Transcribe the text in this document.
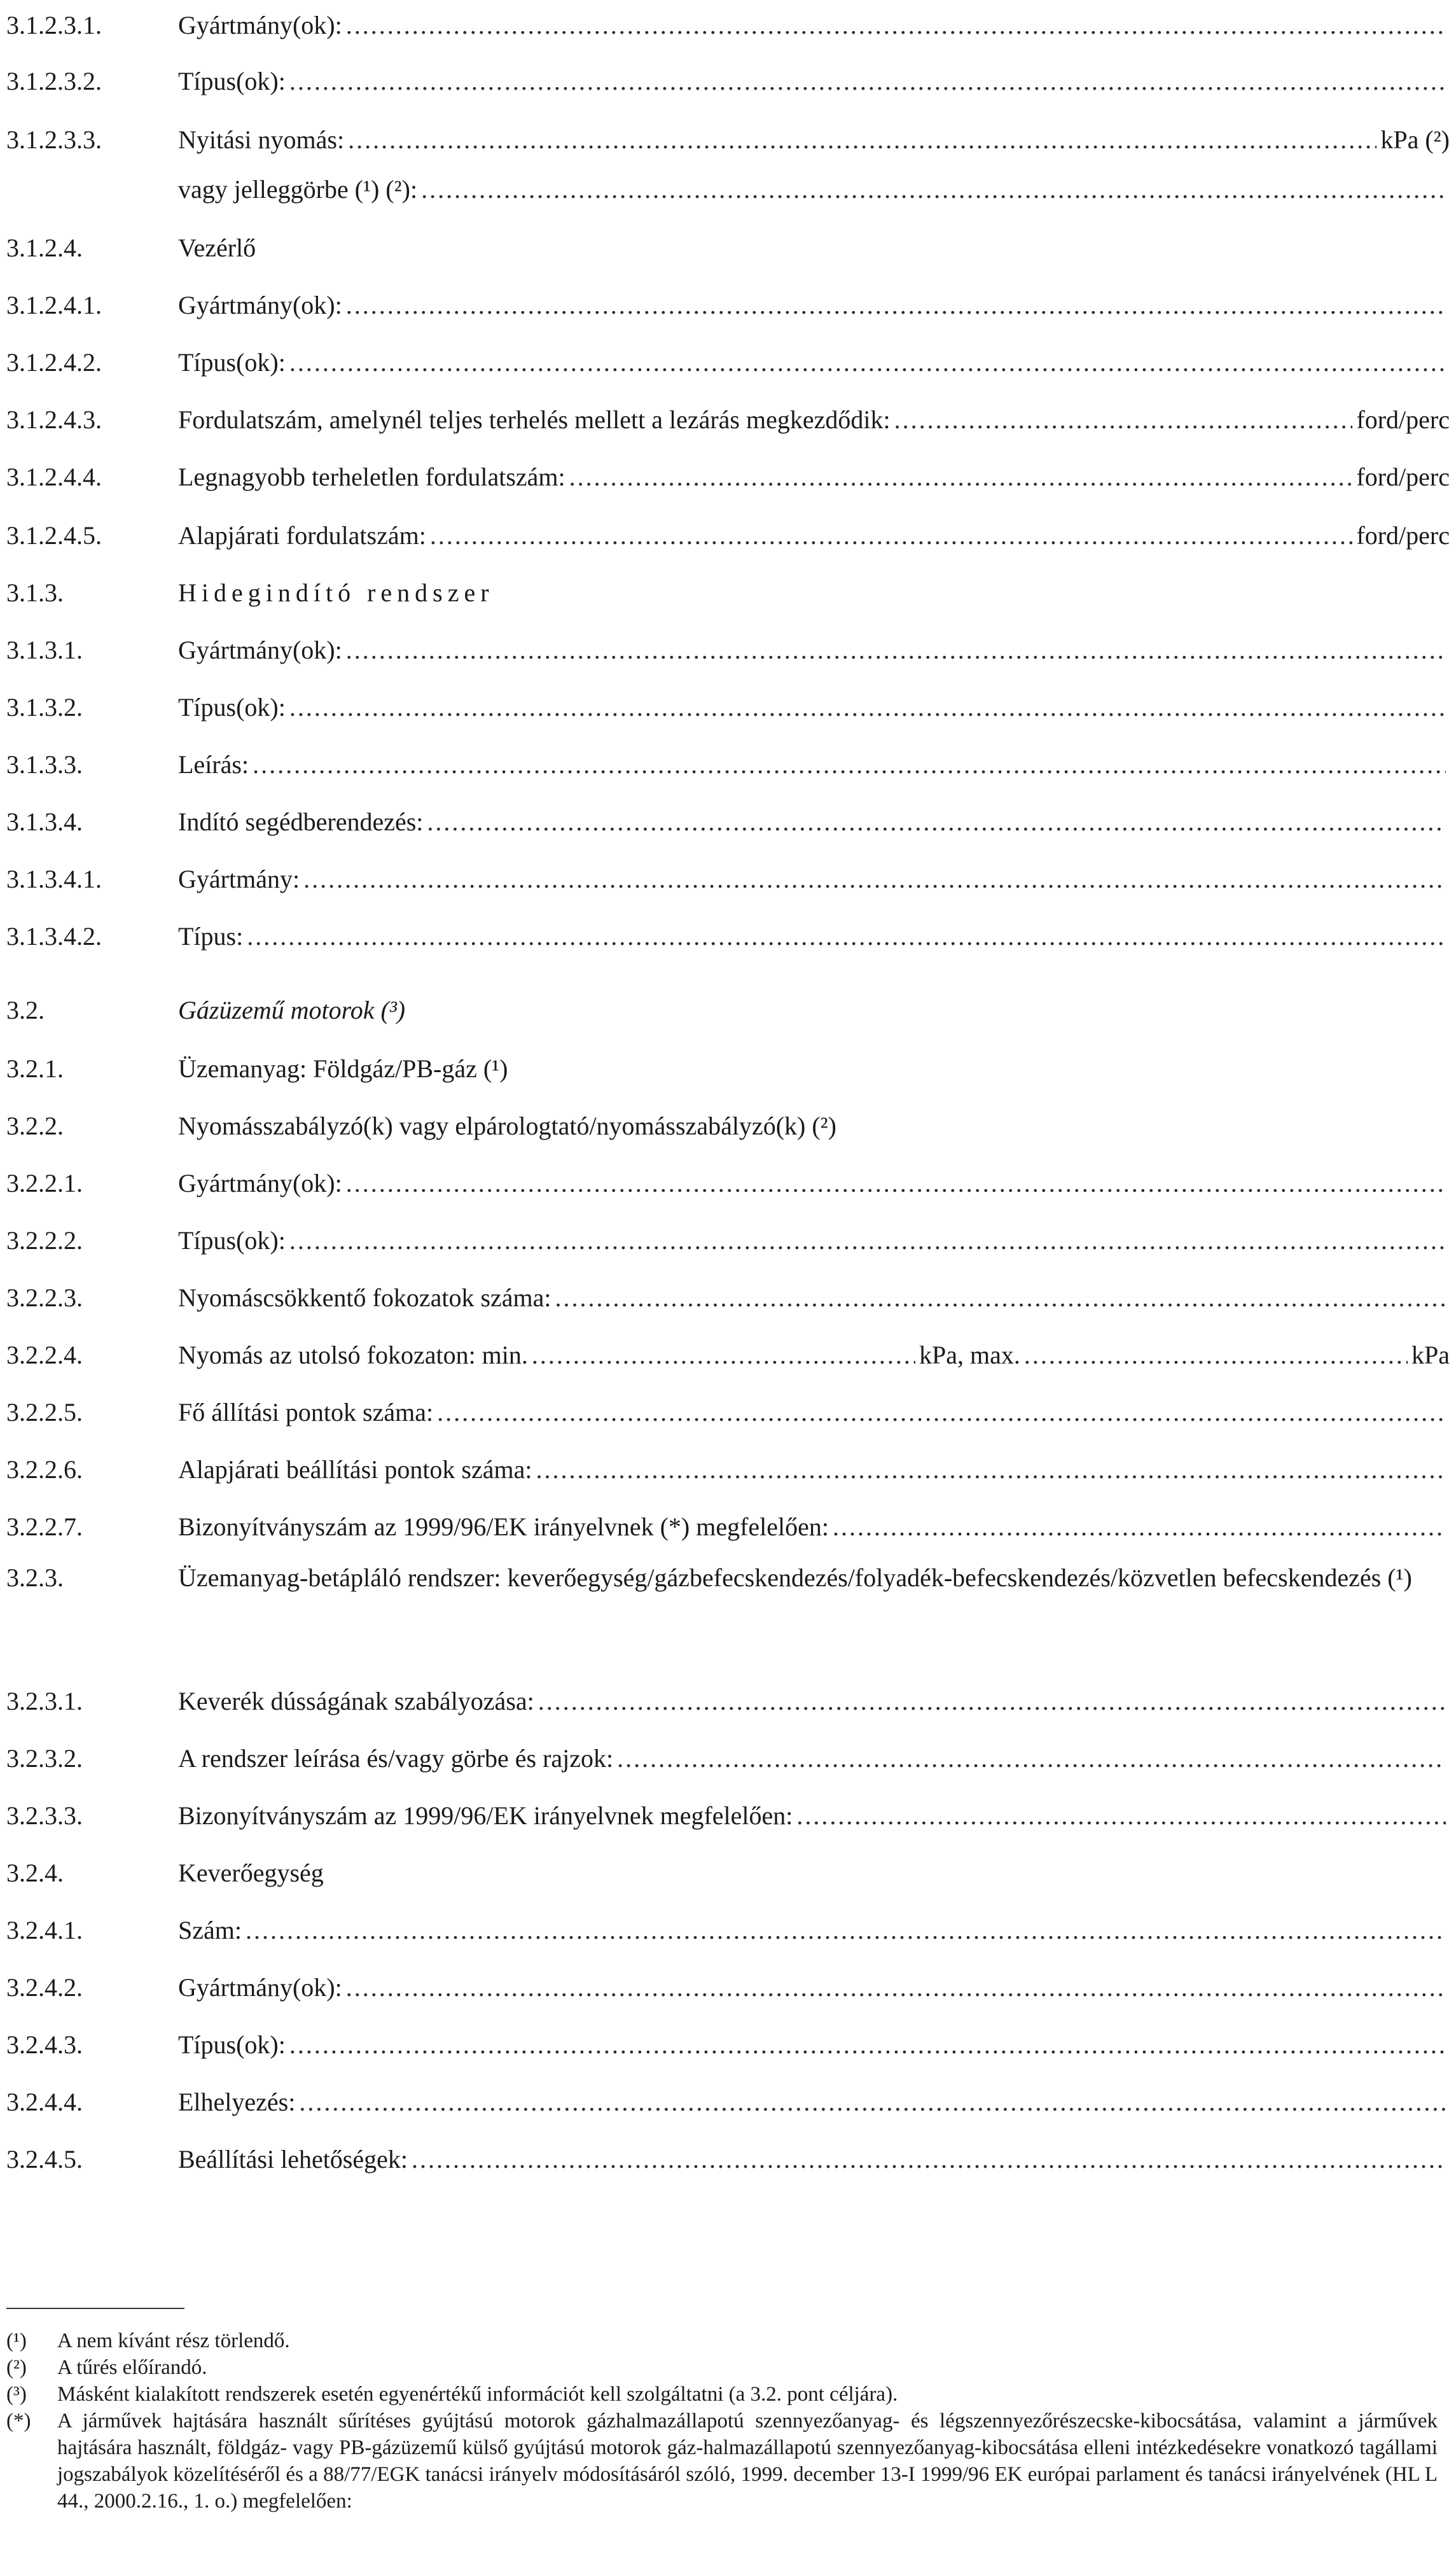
3.1.2.3.1.	Gyártmány(ok):
.....
3.1.2.3.2.	Típus(ok):
.....
3.1.2.3.3.	Nyitási nyomás: .....	kPa (²)
vagy jelleggörbe (¹) (²):
.....
3.1.2.4.	Vezérlő
3.1.2.4.1.	Gyártmány(ok):
.....
3.1.2.4.2.	Típus(ok):
.....
3.1.2.4.3.	Fordulatszám, amelynél teljes terhelés mellett a lezárás megkezdődik: .....	ford/perc
3.1.2.4.4.	Legnagyobb terheletlen fordulatszám: .....	ford/perc
3.1.2.4.5.	Alapjárati fordulatszám: .....	ford/perc
3.1.3.	Hidegindító rendszer
3.1.3.1.	Gyártmány(ok):
.....
3.1.3.2.	Típus(ok):
.....
3.1.3.3.	Leírás:
.....
3.1.3.4.	Indító segédberendezés:
.....
3.1.3.4.1.	Gyártmány:
.....
3.1.3.4.2.	Típus:
.....
3.2.	Gázüzemű motorok (³)
3.2.1.	Üzemanyag: Földgáz/PB-gáz (¹)
3.2.2.	Nyomásszabályzó(k) vagy elpárologtató/nyomásszabályzó(k) (²)
3.2.2.1.	Gyártmány(ok):
.....
3.2.2.2.	Típus(ok):
.....
3.2.2.3.	Nyomáscsökkentő fokozatok száma:
.....
3.2.2.4.	Nyomás az utolsó fokozaton: min. .....	kPa, max. .....	kPa
3.2.2.5.	Fő állítási pontok száma:
.....
3.2.2.6.	Alapjárati beállítási pontok száma:
.....
3.2.2.7.	Bizonyítványszám az 1999/96/EK irányelvnek (*) megfelelően:
.....
3.2.3.1.	Keverék dússágának szabályozása:
.....
3.2.3.2.	A rendszer leírása és/vagy görbe és rajzok:
.....
3.2.3.3.	Bizonyítványszám az 1999/96/EK irányelvnek megfelelően:
.....
3.2.4.	Keverőegység
3.2.4.1.	Szám:
.....
3.2.4.2.	Gyártmány(ok):
.....
3.2.4.3.	Típus(ok):
.....
3.2.4.4.	Elhelyezés:
.....
3.2.4.5.	Beállítási lehetőségek:
.....
3.2.3.	Üzemanyag-betápláló rendszer: keverőegység/gázbefecskendezés/folyadék-befecskendezés/közvetlen befecskendezés (¹)
(¹) A nem kívánt rész törlendő.
(²) A tűrés előírandó.
(³) Másként kialakított rendszerek esetén egyenértékű információt kell szolgáltatni (a 3.2. pont céljára).
(*) A járművek hajtására használt sűrítéses gyújtású motorok gázhalmazállapotú szennyezőanyag- és légszennyezőrészecske-kibocsátása, valamint a járművek hajtására használt, földgáz- vagy PB-gázüzemű külső gyújtású motorok gáz-halmazállapotú szennyezőanyag-kibocsátása elleni intézkedésekre vonatkozó tagállami jogszabályok közelítéséről és a 88/77/EGK tanácsi irányelv módosításáról szóló, 1999. december 13-I 1999/96 EK európai parlament és tanácsi irányelvének (HL L 44., 2000.2.16., 1. o.) megfelelően:
